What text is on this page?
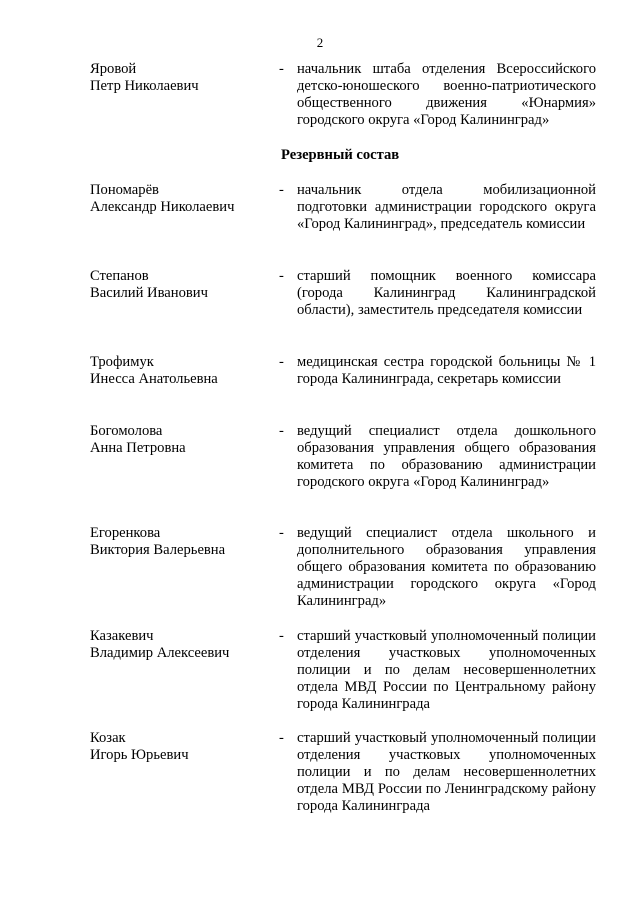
2
Яровой
Петр Николаевич
- начальник штаба отделения Всероссийского детско-юношеского военно-патриотического общественного движения «Юнармия» городского округа «Город Калининград»
Резервный состав
Пономарёв
Александр Николаевич
- начальник отдела мобилизационной подготовки администрации городского округа «Город Калининград», председатель комиссии
Степанов
Василий Иванович
- старший помощник военного комиссара (города Калининград Калининградской области), заместитель председателя комиссии
Трофимук
Инесса Анатольевна
- медицинская сестра городской больницы № 1 города Калининграда, секретарь комиссии
Богомолова
Анна Петровна
- ведущий специалист отдела дошкольного образования управления общего образования комитета по образованию администрации городского округа «Город Калининград»
Егоренкова
Виктория Валерьевна
- ведущий специалист отдела школьного и дополнительного образования управления общего образования комитета по образованию администрации городского округа «Город Калининград»
Казакевич
Владимир Алексеевич
- старший участковый уполномоченный полиции отделения участковых уполномоченных полиции и по делам несовершеннолетних отдела МВД России по Центральному району города Калининграда
Козак
Игорь Юрьевич
- старший участковый уполномоченный полиции отделения участковых уполномоченных полиции и по делам несовершеннолетних отдела МВД России по Ленинградскому району города Калининграда
